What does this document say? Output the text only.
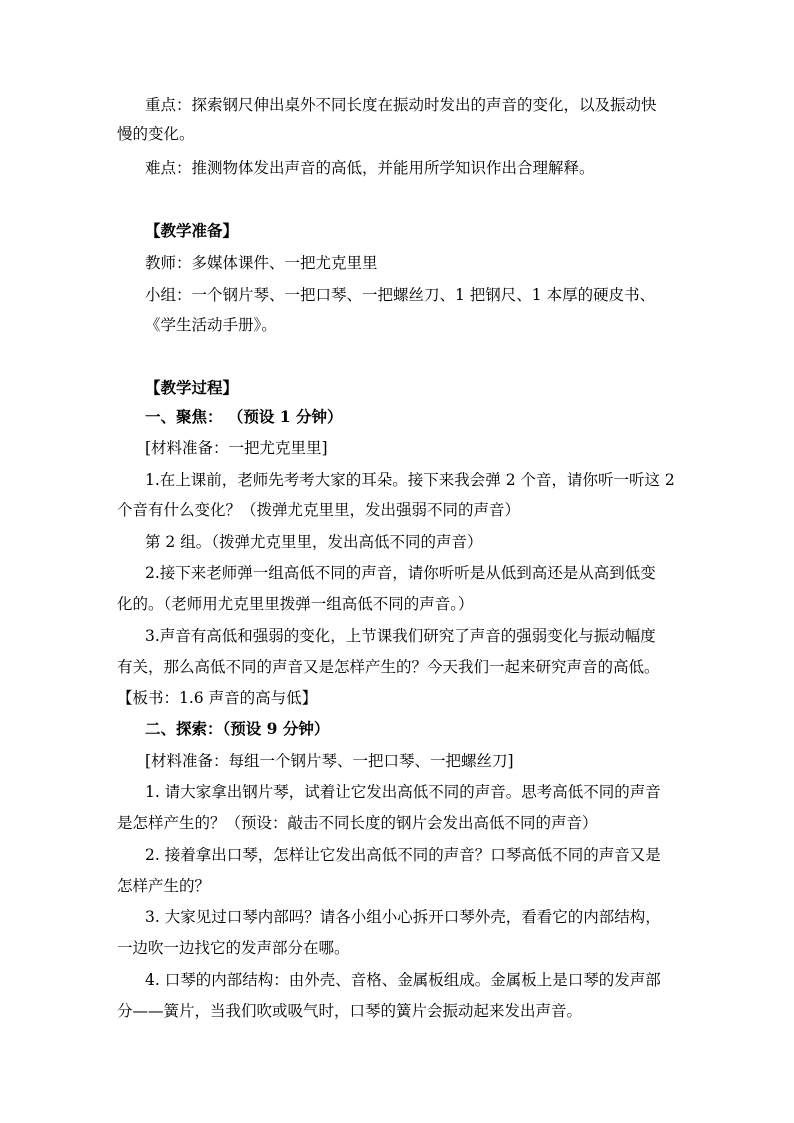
重点：探索钢尺伸出桌外不同长度在振动时发出的声音的变化，以及振动快
慢的变化。
难点：推测物体发出声音的高低，并能用所学知识作出合理解释。
【教学准备】
教师：多媒体课件、一把尤克里里
小组：一个钢片琴、一把口琴、一把螺丝刀、1 把钢尺、1 本厚的硬皮书、
《学生活动手册》。
【教学过程】
一、聚焦： （预设 1 分钟）
[材料准备：一把尤克里里]
1.在上课前，老师先考考大家的耳朵。接下来我会弹 2 个音，请你听一听这 2
个音有什么变化？（拨弹尤克里里，发出强弱不同的声音）
第 2 组。（拨弹尤克里里，发出高低不同的声音）
2.接下来老师弹一组高低不同的声音，请你听听是从低到高还是从高到低变
化的。（老师用尤克里里拨弹一组高低不同的声音。）
3.声音有高低和强弱的变化，上节课我们研究了声音的强弱变化与振动幅度
有关，那么高低不同的声音又是怎样产生的？今天我们一起来研究声音的高低。
【板书：1.6 声音的高与低】
二、探索：（预设 9 分钟）
[材料准备：每组一个钢片琴、一把口琴、一把螺丝刀]
1. 请大家拿出钢片琴，试着让它发出高低不同的声音。思考高低不同的声音
是怎样产生的？（预设：敲击不同长度的钢片会发出高低不同的声音）
2. 接着拿出口琴，怎样让它发出高低不同的声音？口琴高低不同的声音又是
怎样产生的？
3. 大家见过口琴内部吗？请各小组小心拆开口琴外壳，看看它的内部结构，
一边吹一边找它的发声部分在哪。
4. 口琴的内部结构：由外壳、音格、金属板组成。金属板上是口琴的发声部
分——簧片，当我们吹或吸气时，口琴的簧片会振动起来发出声音。
